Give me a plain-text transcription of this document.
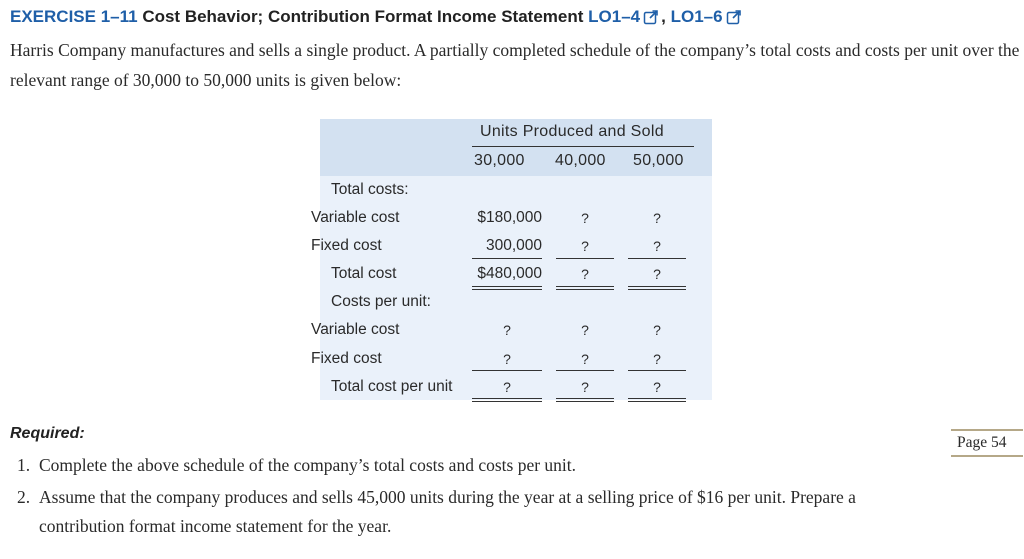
EXERCISE 1–11 Cost Behavior; Contribution Format Income Statement LO1–4 , LO1–6
Harris Company manufactures and sells a single product. A partially completed schedule of the company’s total costs and costs per unit over the relevant range of 30,000 to 50,000 units is given below:
Units Produced and Sold
30,000 40,000 50,000
Total costs:
Variable cost	$180,000	?	?
Fixed cost	300,000	?	?
Total cost	$480,000	?	?
Costs per unit:
Variable cost	?	?	?
Fixed cost	?	?	?
Total cost per unit	?	?	?
Required:
Page 54
1. Complete the above schedule of the company’s total costs and costs per unit.
2. Assume that the company produces and sells 45,000 units during the year at a selling price of $16 per unit. Prepare a
contribution format income statement for the year.
